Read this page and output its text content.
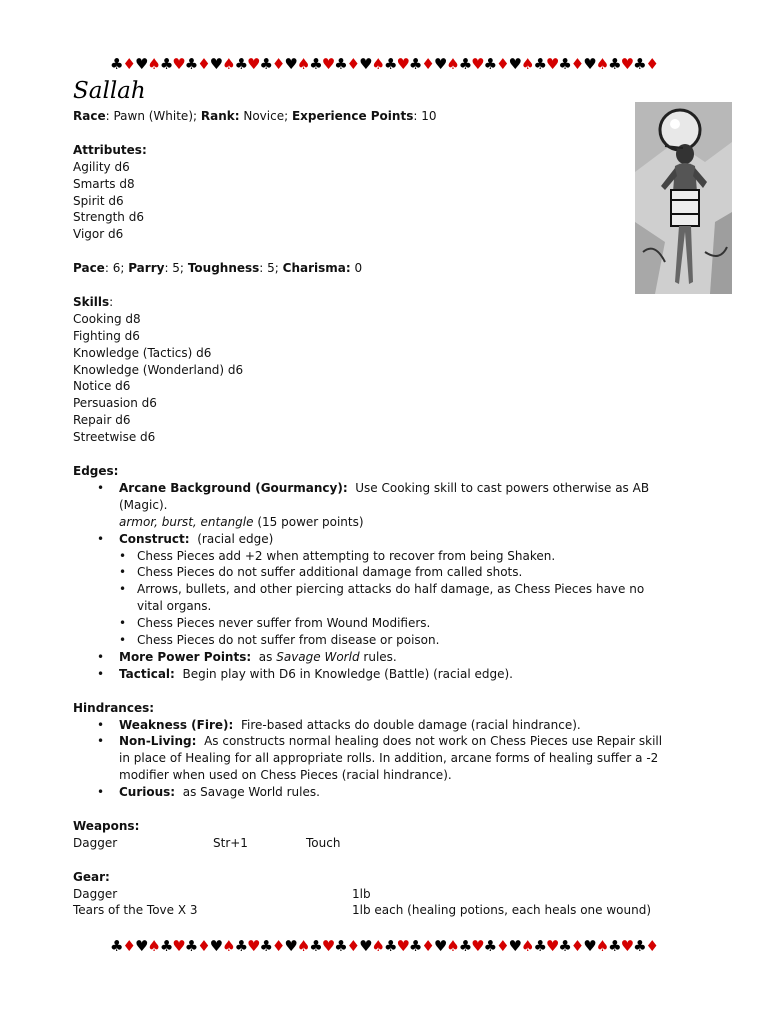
♣♦♥♠♣♥♣♦♥♠♣♥♣♦♥♠♣♥♣♦♥♠♣♥♣♦♥♠♣♥♣♦♥♠♣♥♣♦♥♠♣♥♣♦
Sallah
Race: Pawn (White); Rank: Novice; Experience Points: 10
Attributes:
Agility d6
Smarts d8
Spirit d6
Strength d6
Vigor d6
Pace: 6; Parry: 5; Toughness: 5; Charisma: 0
Skills:
Cooking d8
Fighting d6
Knowledge (Tactics) d6
Knowledge (Wonderland) d6
Notice d6
Persuasion d6
Repair d6
Streetwise d6
Edges:
• Arcane Background (Gourmancy): Use Cooking skill to cast powers otherwise as AB (Magic).
armor, burst, entangle (15 power points)
• Construct: (racial edge)
• Chess Pieces add +2 when attempting to recover from being Shaken.
• Chess Pieces do not suffer additional damage from called shots.
• Arrows, bullets, and other piercing attacks do half damage, as Chess Pieces have no vital organs.
• Chess Pieces never suffer from Wound Modifiers.
• Chess Pieces do not suffer from disease or poison.
• More Power Points: as Savage World rules.
• Tactical: Begin play with D6 in Knowledge (Battle) (racial edge).
Hindrances:
• Weakness (Fire): Fire-based attacks do double damage (racial hindrance).
• Non-Living: As constructs normal healing does not work on Chess Pieces use Repair skill in place of Healing for all appropriate rolls. In addition, arcane forms of healing suffer a -2 modifier when used on Chess Pieces (racial hindrance).
• Curious: as Savage World rules.
Weapons:
Dagger	Str+1	Touch
Gear:
Dagger	1lb
Tears of the Tove X 3	1lb each (healing potions, each heals one wound)
♣♦♥♠♣♥♣♦♥♠♣♥♣♦♥♠♣♥♣♦♥♠♣♥♣♦♥♠♣♥♣♦♥♠♣♥♣♦♥♠♣♥♣♦
